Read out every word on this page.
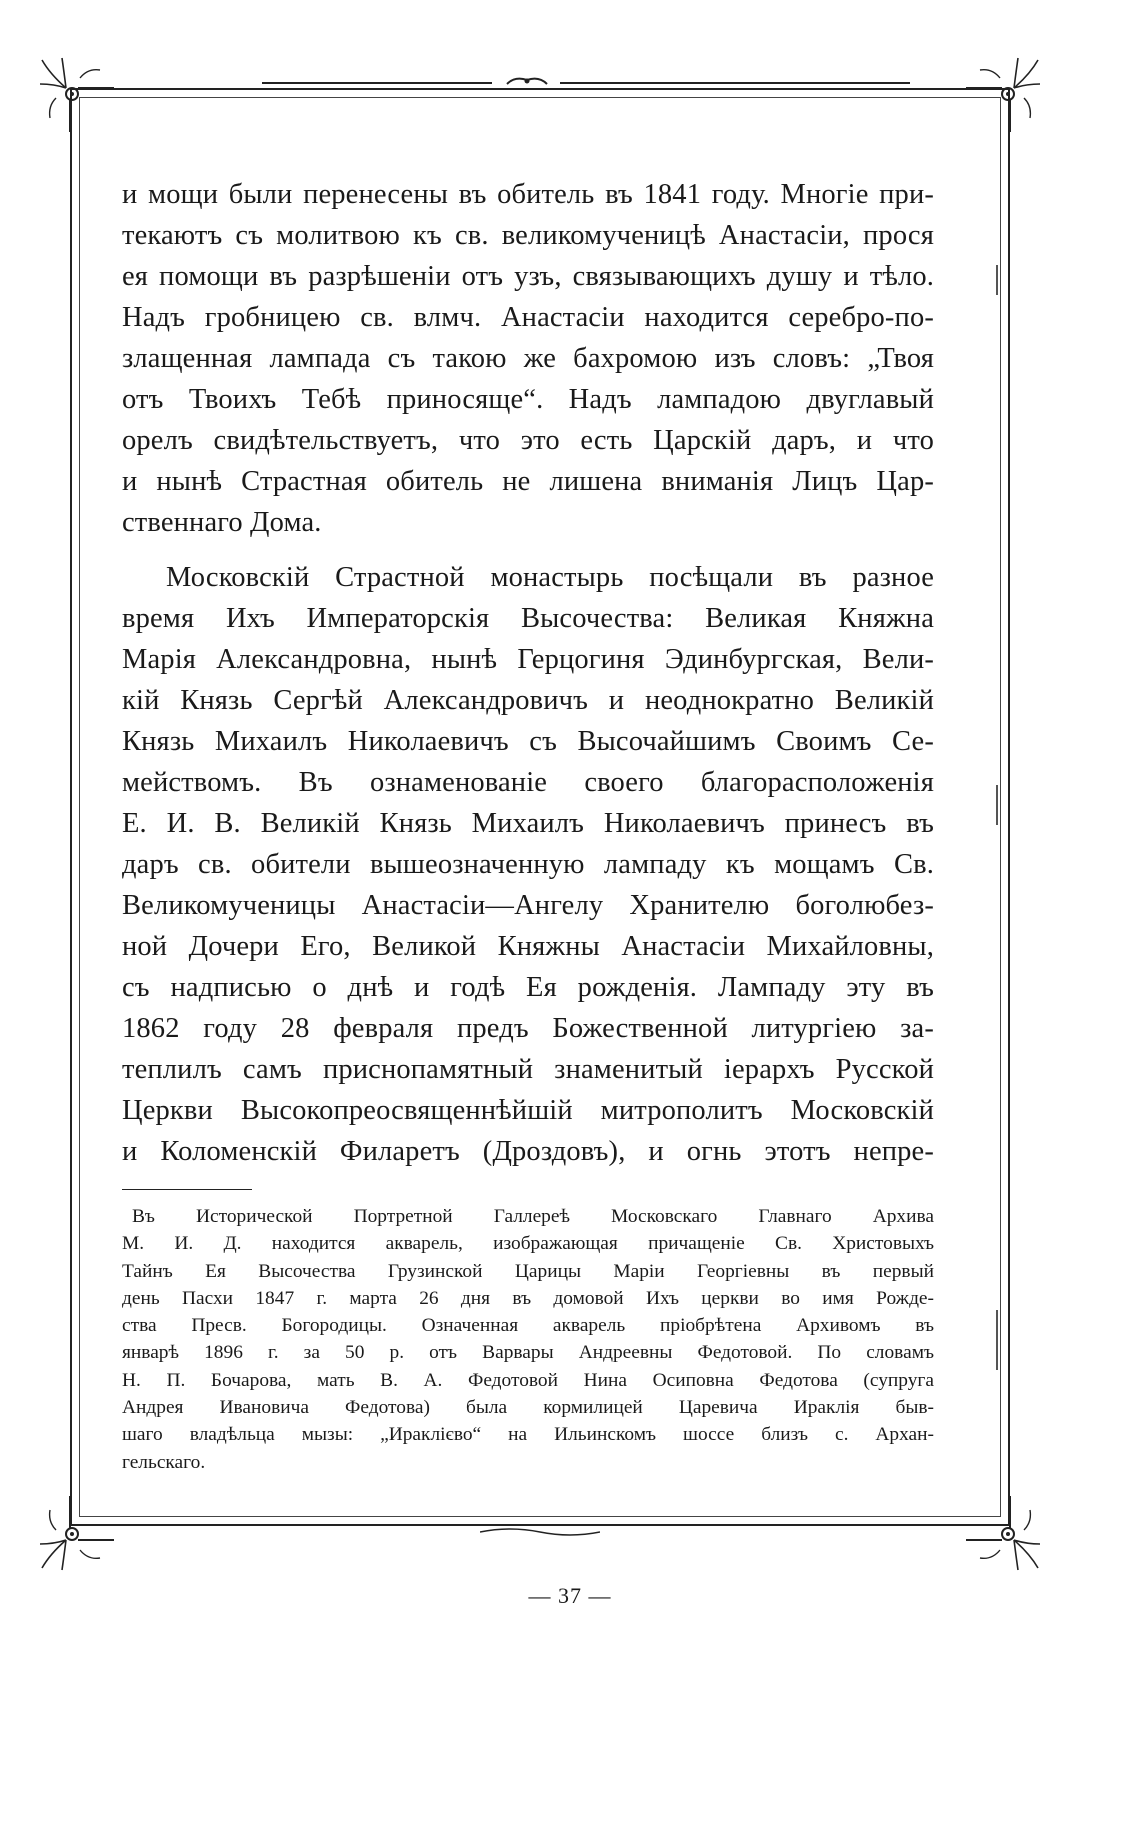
и мощи были перенесены въ обитель въ 1841 году. Многіе при-
текаютъ съ молитвою къ св. великомученицѣ Анастасіи, прося
ея помощи въ разрѣшеніи отъ узъ, связывающихъ душу и тѣло.
Надъ гробницею св. влмч. Анастасіи находится серебро-по-
злащенная лампада съ такою же бахромою изъ словъ: „Твоя
отъ Твоихъ Тебѣ приносяще“. Надъ лампадою двуглавый
орелъ свидѣтельствуетъ, что это есть Царскій даръ, и что
и нынѣ Страстная обитель не лишена вниманія Лицъ Цар-
ственнаго Дома.
Московскій Страстной монастырь посѣщали въ разное
время Ихъ Императорскія Высочества: Великая Княжна
Марія Александровна, нынѣ Герцогиня Эдинбургская, Вели-
кій Князь Сергѣй Александровичъ и неоднократно Великій
Князь Михаилъ Николаевичъ съ Высочайшимъ Своимъ Се-
мействомъ. Въ ознаменованіе своего благорасположенія
Е. И. В. Великій Князь Михаилъ Николаевичъ принесъ въ
даръ св. обители вышеозначенную лампаду къ мощамъ Св.
Великомученицы Анастасіи—Ангелу Хранителю боголюбез-
ной Дочери Его, Великой Княжны Анастасіи Михайловны,
съ надписью о днѣ и годѣ Ея рожденія. Лампаду эту въ
1862 году 28 февраля предъ Божественной литургіею за-
теплилъ самъ приснопамятный знаменитый іерархъ Русской
Церкви Высокопреосвященнѣйшій митрополитъ Московскій
и Коломенскій Филаретъ (Дроздовъ), и огнь этотъ непре-
Въ Исторической Портретной Галлереѣ Московскаго Главнаго Архива
М. И. Д. находится акварель, изображающая причащеніе Св. Христовыхъ
Тайнъ Ея Высочества Грузинской Царицы Маріи Георгіевны въ первый
день Пасхи 1847 г. марта 26 дня въ домовой Ихъ церкви во имя Рожде-
ства Пресв. Богородицы. Означенная акварель пріобрѣтена Архивомъ въ
январѣ 1896 г. за 50 р. отъ Варвары Андреевны Федотовой. По словамъ
Н. П. Бочарова, мать В. А. Федотовой Нина Осиповна Федотова (супруга
Андрея Ивановича Федотова) была кормилицей Царевича Ираклія быв-
шаго владѣльца мызы: „Ираклієво“ на Ильинскомъ шоссе близъ с. Архан-
гельскаго.
— 37 —
